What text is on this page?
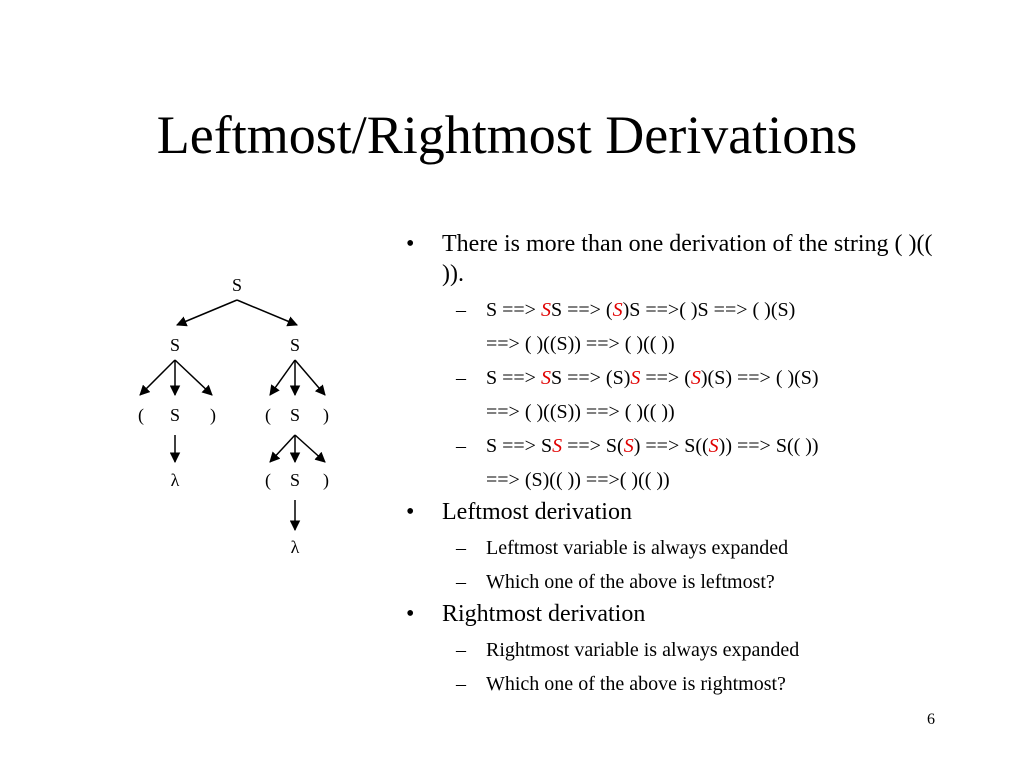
Leftmost/Rightmost Derivations
S
S	S
(	S	)	(	S	)
λ	(	S	)
λ
• There is more than one derivation of the string ( )(( )).
– S ==> SS ==> (S)S ==>( )S ==> ( )(S)
==> ( )((S)) ==> ( )(( ))
– S ==> SS ==> (S)S ==> (S)(S) ==> ( )(S)
==> ( )((S)) ==> ( )(( ))
– S ==> SS ==> S(S) ==> S((S)) ==> S(( ))
==> (S)(( )) ==>( )(( ))
• Leftmost derivation
– Leftmost variable is always expanded
– Which one of the above is leftmost?
• Rightmost derivation
– Rightmost variable is always expanded
– Which one of the above is rightmost?
6
